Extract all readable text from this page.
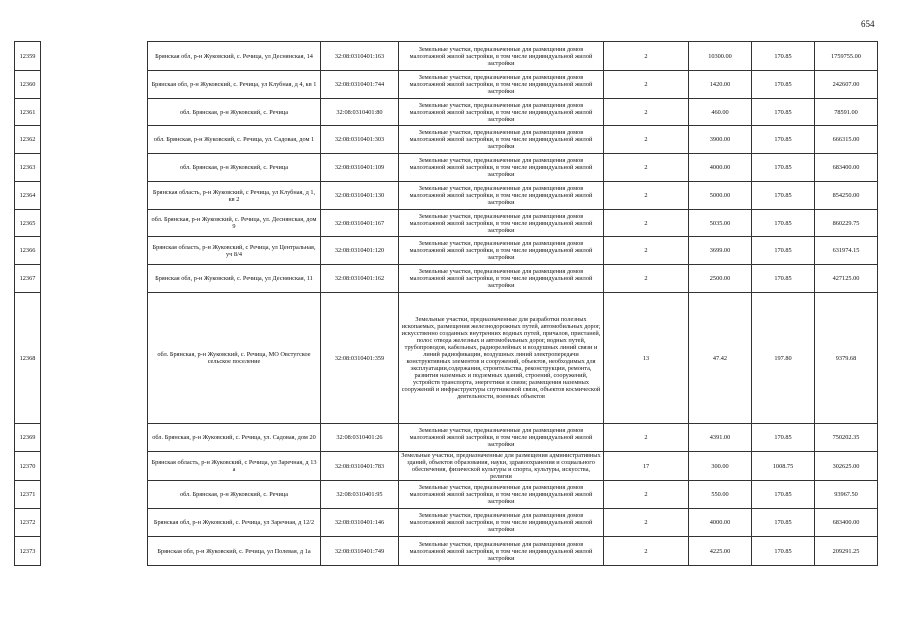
654
12359		Брянская обл, р-н Жуковский, с. Речица, ул Деснянская, 14	32:08:0310401:163	Земельные участки, предназначенные для размещения домов малоэтажной жилой застройки, в том числе индивидуальной жилой застройки	2	10300.00	170.85	1759755.00
12360		Брянская обл, р-н Жуковский, с. Речица, ул Клубная, д 4, кв 1	32:08:0310401:744	Земельные участки, предназначенные для размещения домов малоэтажной жилой застройки, в том числе индивидуальной жилой застройки	2	1420.00	170.85	242607.00
12361		обл. Брянская, р-н Жуковский, с. Речица	32:08:0310401:80	Земельные участки, предназначенные для размещения домов малоэтажной жилой застройки, в том числе индивидуальной жилой застройки	2	460.00	170.85	78591.00
12362		обл. Брянская, р-н Жуковский, с. Речица, ул. Садовая, дом 1	32:08:0310401:303	Земельные участки, предназначенные для размещения домов малоэтажной жилой застройки, в том числе индивидуальной жилой застройки	2	3900.00	170.85	666315.00
12363		обл. Брянская, р-н Жуковский, с. Речица	32:08:0310401:109	Земельные участки, предназначенные для размещения домов малоэтажной жилой застройки, в том числе индивидуальной жилой застройки	2	4000.00	170.85	683400.00
12364		Брянская область, р-н Жуковский, с Речица, ул Клубная, д 1, кв 2	32:08:0310401:130	Земельные участки, предназначенные для размещения домов малоэтажной жилой застройки, в том числе индивидуальной жилой застройки	2	5000.00	170.85	854250.00
12365		обл. Брянская, р-н Жуковский, с. Речица, ул. Деснянская, дом 9	32:08:0310401:167	Земельные участки, предназначенные для размещения домов малоэтажной жилой застройки, в том числе индивидуальной жилой застройки	2	5035.00	170.85	860229.75
12366		Брянская область, р-н Жуковский, с Речица, ул Центральная, уч 8/4	32:08:0310401:120	Земельные участки, предназначенные для размещения домов малоэтажной жилой застройки, в том числе индивидуальной жилой застройки	2	3699.00	170.85	631974.15
12367		Брянская обл, р-н Жуковский, с. Речица, ул Деснянская, 11	32:08:0310401:162	Земельные участки, предназначенные для размещения домов малоэтажной жилой застройки, в том числе индивидуальной жилой застройки	2	2500.00	170.85	427125.00
12368		обл. Брянская, р-н Жуковский, с. Речица, МО Овстугское сельское поселение	32:08:0310401:359	Земельные участки, предназначенные для разработки полезных ископаемых, размещения железнодорожных путей, автомобильных дорог, искусственно созданных внутренних водных путей, причалов, пристаней, полос отвода железных и автомобильных дорог, водных путей, трубопроводов, кабельных, радиорелейных и воздушных линий связи и линий радиофикации, воздушных линий электропередачи конструктивных элементов и сооружений, объектов, необходимых для эксплуатации,содержания, строительства, реконструкции, ремонта, развития наземных и подземных зданий, строений, сооружений, устройств транспорта, энергетики и связи; размещения наземных сооружений и инфраструктуры спутниковой связи, объектов космической деятельности, военных объектов	13	47.42	197.80	9379.68
12369		обл. Брянская, р-н Жуковский, с. Речица, ул. Садовая, дом 20	32:08:0310401:26	Земельные участки, предназначенные для размещения домов малоэтажной жилой застройки, в том числе индивидуальной жилой застройки	2	4391.00	170.85	750202.35
12370		Брянская область, р-н Жуковский, с Речица, ул Заречная, д 13 а	32:08:0310401:783	Земельные участки, предназначенные для размещения административных зданий, объектов образования, науки, здравоохранения и социального обеспечения, физической культуры и спорта, культуры, искусства, религии	17	300.00	1008.75	302625.00
12371		обл. Брянская, р-н Жуковский, с. Речица	32:08:0310401:95	Земельные участки, предназначенные для размещения домов малоэтажной жилой застройки, в том числе индивидуальной жилой застройки	2	550.00	170.85	93967.50
12372		Брянская обл, р-н Жуковский, с. Речица, ул Заречная, д 12/2	32:08:0310401:146	Земельные участки, предназначенные для размещения домов малоэтажной жилой застройки, в том числе индивидуальной жилой застройки	2	4000.00	170.85	683400.00
12373		Брянская обл, р-н Жуковский, с. Речица, ул Полевая, д 1а	32:08:0310401:749	Земельные участки, предназначенные для размещения домов малоэтажной жилой застройки, в том числе индивидуальной жилой застройки	2	4225.00	170.85	209291.25
